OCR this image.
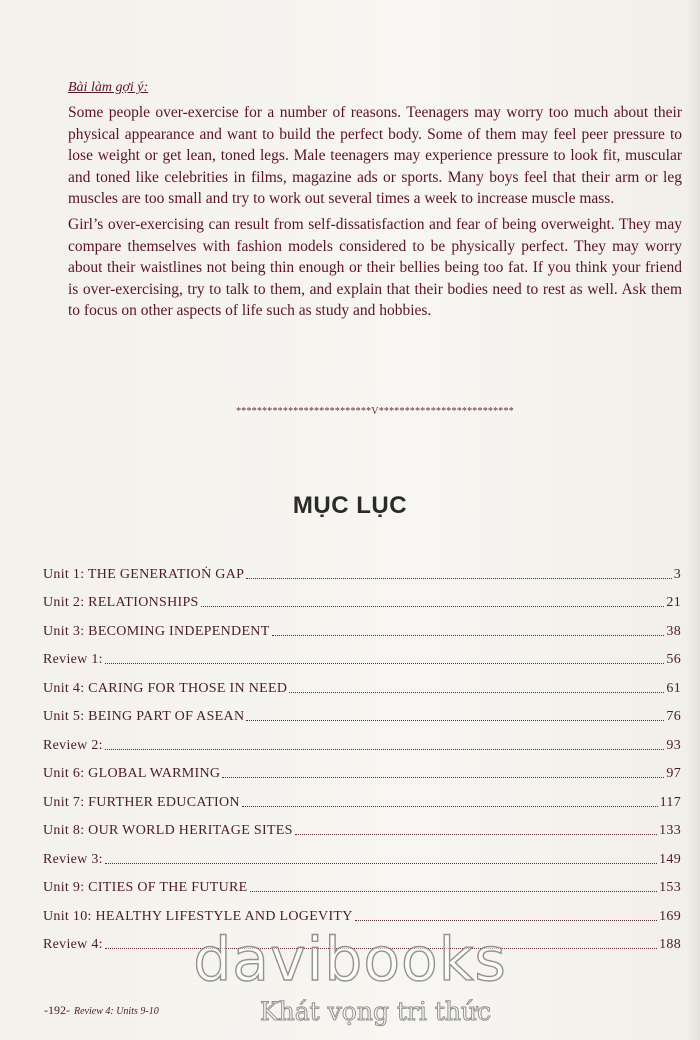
Bài làm gợi ý:

Some people over-exercise for a number of reasons. Teenagers may worry too much about their physical appearance and want to build the perfect body. Some of them may feel peer pressure to lose weight or get lean, toned legs. Male teenagers may experience pressure to look fit, muscular and toned like celebrities in films, magazine ads or sports. Many boys feel that their arm or leg muscles are too small and try to work out several times a week to increase muscle mass.

Girl’s over-exercising can result from self-dissatisfaction and fear of being overweight. They may compare themselves with fashion models considered to be physically perfect. They may worry about their waistlines not being thin enough or their bellies being too fat. If you think your friend is over-exercising, try to talk to them, and explain that their bodies need to rest as well. Ask them to focus on other aspects of life such as study and hobbies.

**************************V**************************
MỤC LỤC
Unit 1: THE GENERATIOṄ GAP	3
Unit 2: RELATIONSHIPS	21
Unit 3: BECOMING INDEPENDENT	38
Review 1:	56
Unit 4: CARING FOR THOSE IN NEED	61
Unit 5: BEING PART OF ASEAN	76
Review 2:	93
Unit 6: GLOBAL WARMING	97
Unit 7: FURTHER EDUCATION	117
Unit 8: OUR WORLD HERITAGE SITES	133
Review 3:	149
Unit 9: CITIES OF THE FUTURE	153
Unit 10: HEALTHY LIFESTYLE AND LOGEVITY	169
Review 4:	188
-192- Review 4: Units 9-10
davibooks
Khát vọng tri thức
